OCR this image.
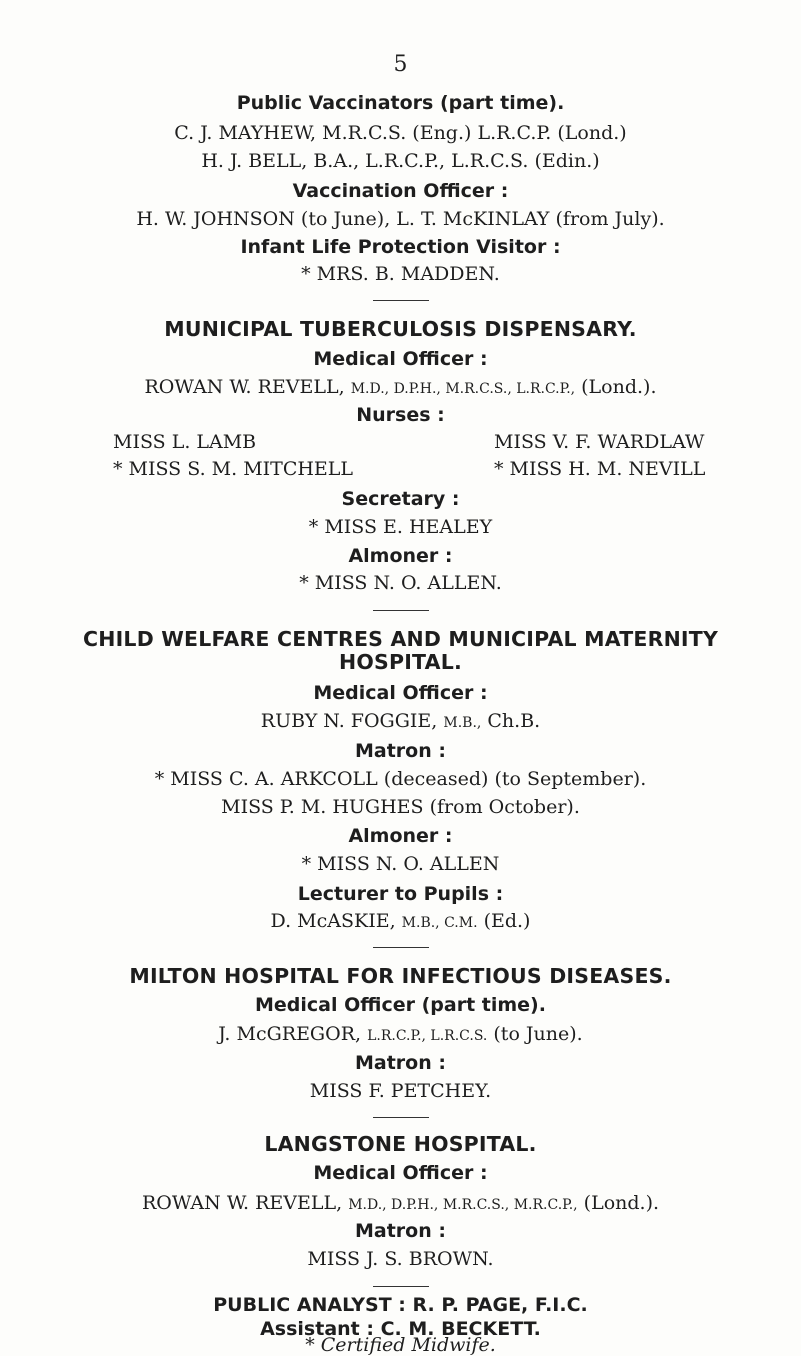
5
Public Vaccinators (part time).
C. J. MAYHEW, M.R.C.S. (Eng.) L.R.C.P. (Lond.)
H. J. BELL, B.A., L.R.C.P., L.R.C.S. (Edin.)
Vaccination Officer :
H. W. JOHNSON (to June), L. T. McKINLAY (from July).
Infant Life Protection Visitor :
* MRS. B. MADDEN.
MUNICIPAL TUBERCULOSIS DISPENSARY.
Medical Officer :
ROWAN W. REVELL, M.D., D.P.H., M.R.C.S., L.R.C.P., (Lond.).
Nurses :
MISS L. LAMB	MISS V. F. WARDLAW
* MISS S. M. MITCHELL	* MISS H. M. NEVILL
Secretary :
* MISS E. HEALEY
Almoner :
* MISS N. O. ALLEN.
CHILD WELFARE CENTRES AND MUNICIPAL MATERNITY
HOSPITAL.
Medical Officer :
RUBY N. FOGGIE, M.B., Ch.B.
Matron :
* MISS C. A. ARKCOLL (deceased) (to September).
MISS P. M. HUGHES (from October).
Almoner :
* MISS N. O. ALLEN
Lecturer to Pupils :
D. McASKIE, M.B., C.M. (Ed.)
MILTON HOSPITAL FOR INFECTIOUS DISEASES.
Medical Officer (part time).
J. McGREGOR, L.R.C.P., L.R.C.S. (to June).
Matron :
MISS F. PETCHEY.
LANGSTONE HOSPITAL.
Medical Officer :
ROWAN W. REVELL, M.D., D.P.H., M.R.C.S., M.R.C.P., (Lond.).
Matron :
MISS J. S. BROWN.
PUBLIC ANALYST : R. P. PAGE, F.I.C.
Assistant : C. M. BECKETT.
* Certified Midwife.
